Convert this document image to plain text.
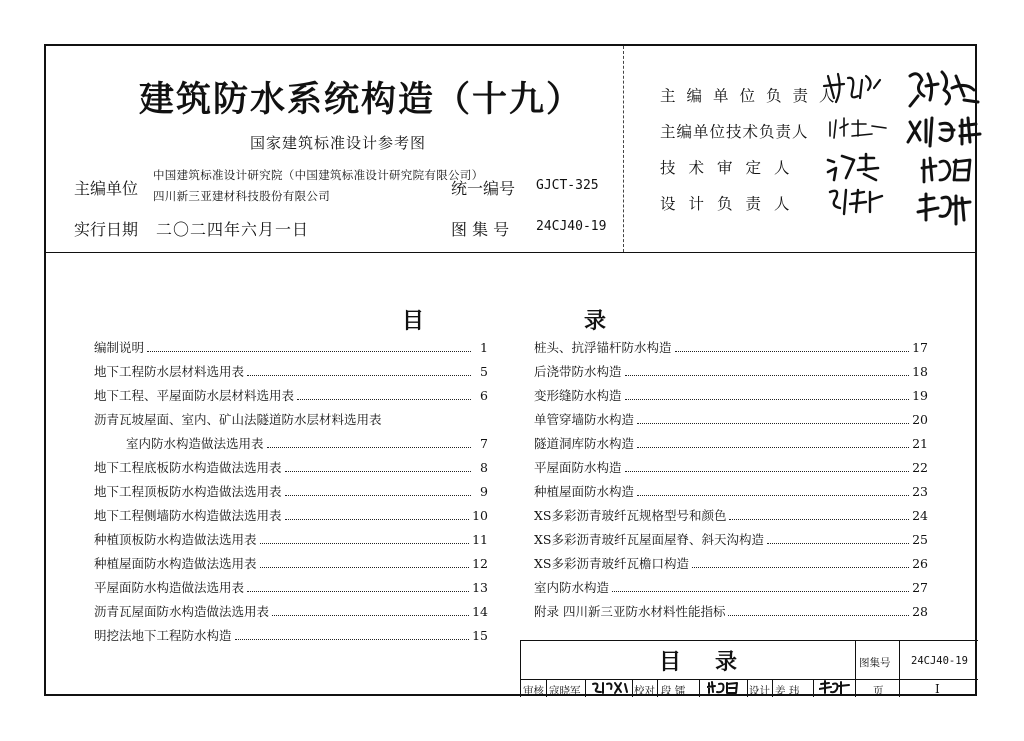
建筑防水系统构造（十九）
国家建筑标准设计参考图
主编单位
中国建筑标准设计研究院（中国建筑标准设计研究院有限公司）
四川新三亚建材科技股份有限公司
实行日期 二〇二四年六月一日
统一编号 GJCT-325
图 集 号 24CJ40-19
主编单位负责人
主编单位技术负责人
技术审定人
设计负责人
目	录
编制说明	1
地下工程防水层材料选用表	5
地下工程、平屋面防水层材料选用表	6
沥青瓦坡屋面、室内、矿山法隧道防水层材料选用表
室内防水构造做法选用表	7
地下工程底板防水构造做法选用表	8
地下工程顶板防水构造做法选用表	9
地下工程侧墙防水构造做法选用表	10
种植顶板防水构造做法选用表	11
种植屋面防水构造做法选用表	12
平屋面防水构造做法选用表	13
沥青瓦屋面防水构造做法选用表	14
明挖法地下工程防水构造	15
桩头、抗浮锚杆防水构造	17
后浇带防水构造	18
变形缝防水构造	19
单管穿墙防水构造	20
隧道洞库防水构造	21
平屋面防水构造	22
种植屋面防水构造	23
XS多彩沥青玻纤瓦规格型号和颜色	24
XS多彩沥青玻纤瓦屋面屋脊、斜天沟构造	25
XS多彩沥青玻纤瓦檐口构造	26
室内防水构造	27
附录 四川新三亚防水材料性能指标	28
目录	图集号 24CJ40-19
审核 寇晓军	校对 段 镭	设计 姜 玮	页	I
